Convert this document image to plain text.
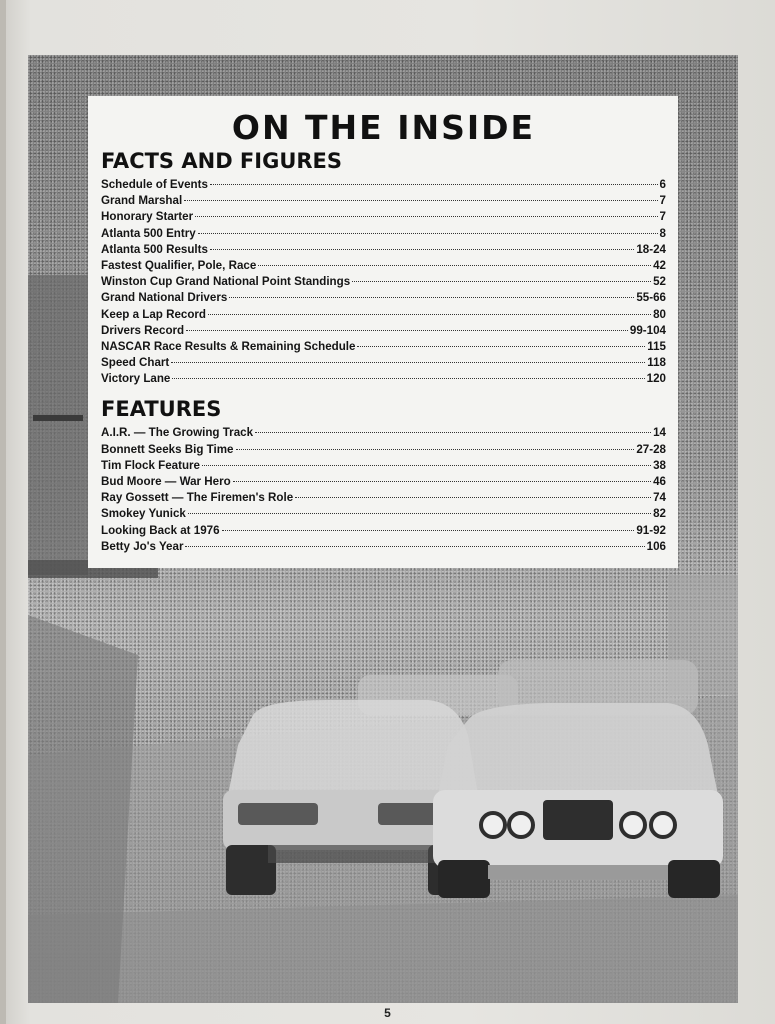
ON THE INSIDE
FACTS AND FIGURES
Schedule of Events	6
Grand Marshal	7
Honorary Starter	7
Atlanta 500 Entry	8
Atlanta 500 Results	18-24
Fastest Qualifier, Pole, Race	42
Winston Cup Grand National Point Standings	52
Grand National Drivers	55-66
Keep a Lap Record	80
Drivers Record	99-104
NASCAR Race Results & Remaining Schedule	115
Speed Chart	118
Victory Lane	120
FEATURES
A.I.R. — The Growing Track	14
Bonnett Seeks Big Time	27-28
Tim Flock Feature	38
Bud Moore — War Hero	46
Ray Gossett — The Firemen's Role	74
Smokey Yunick	82
Looking Back at 1976	91-92
Betty Jo's Year	106
5
